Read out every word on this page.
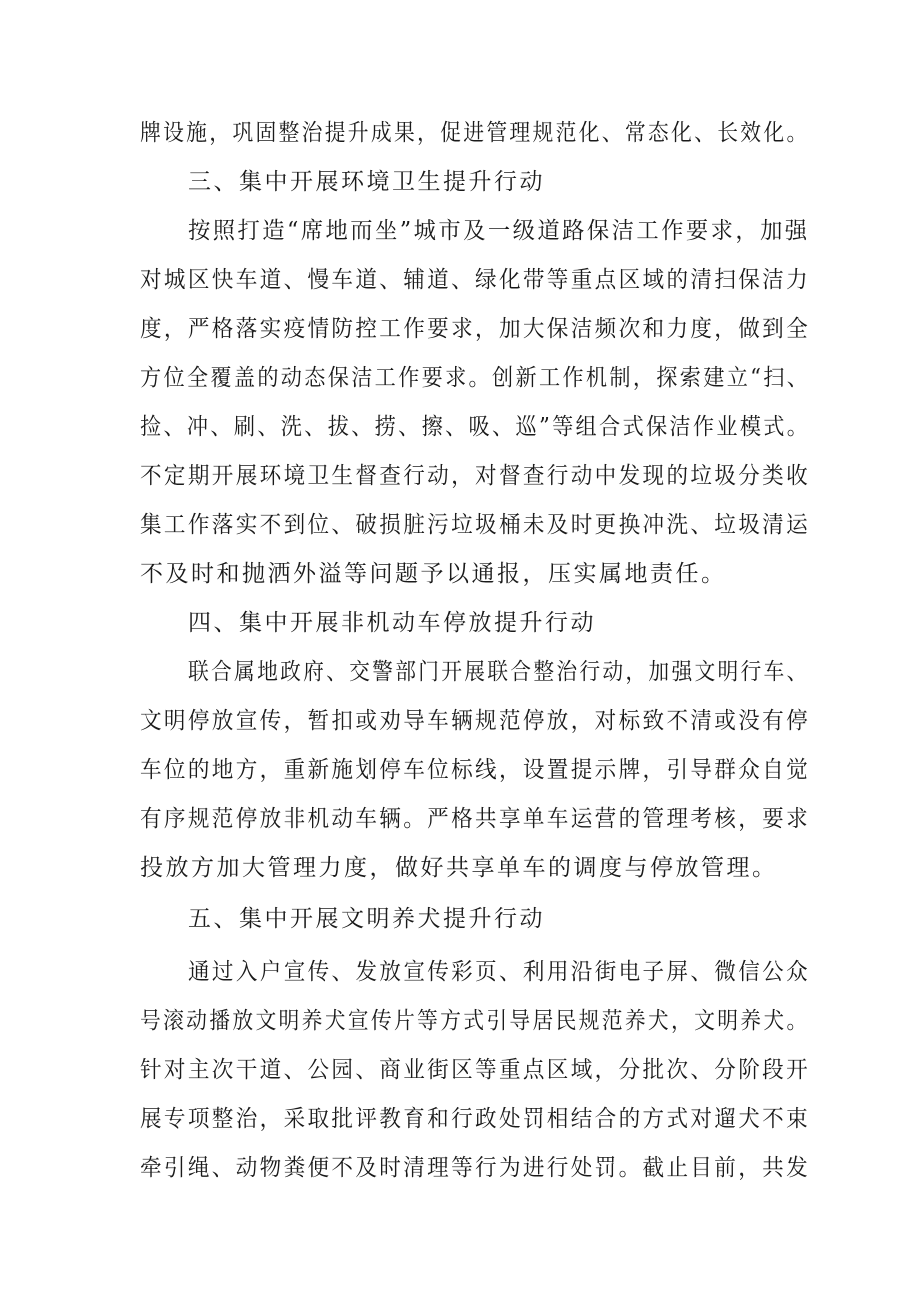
牌设施，巩固整治提升成果，促进管理规范化、常态化、长效化。
三、集中开展环境卫生提升行动
按照打造“席地而坐”城市及一级道路保洁工作要求，加强
对城区快车道、慢车道、辅道、绿化带等重点区域的清扫保洁力
度，严格落实疫情防控工作要求，加大保洁频次和力度，做到全
方位全覆盖的动态保洁工作要求。创新工作机制，探索建立“扫、
捡、冲、刷、洗、拔、捞、擦、吸、巡”等组合式保洁作业模式。
不定期开展环境卫生督查行动，对督查行动中发现的垃圾分类收
集工作落实不到位、破损脏污垃圾桶未及时更换冲洗、垃圾清运
不及时和抛洒外溢等问题予以通报，压实属地责任。
四、集中开展非机动车停放提升行动
联合属地政府、交警部门开展联合整治行动，加强文明行车、
文明停放宣传，暂扣或劝导车辆规范停放，对标致不清或没有停
车位的地方，重新施划停车位标线，设置提示牌，引导群众自觉
有序规范停放非机动车辆。严格共享单车运营的管理考核，要求
投放方加大管理力度，做好共享单车的调度与停放管理。
五、集中开展文明养犬提升行动
通过入户宣传、发放宣传彩页、利用沿街电子屏、微信公众
号滚动播放文明养犬宣传片等方式引导居民规范养犬，文明养犬。
针对主次干道、公园、商业街区等重点区域，分批次、分阶段开
展专项整治，采取批评教育和行政处罚相结合的方式对遛犬不束
牵引绳、动物粪便不及时清理等行为进行处罚。截止目前，共发
